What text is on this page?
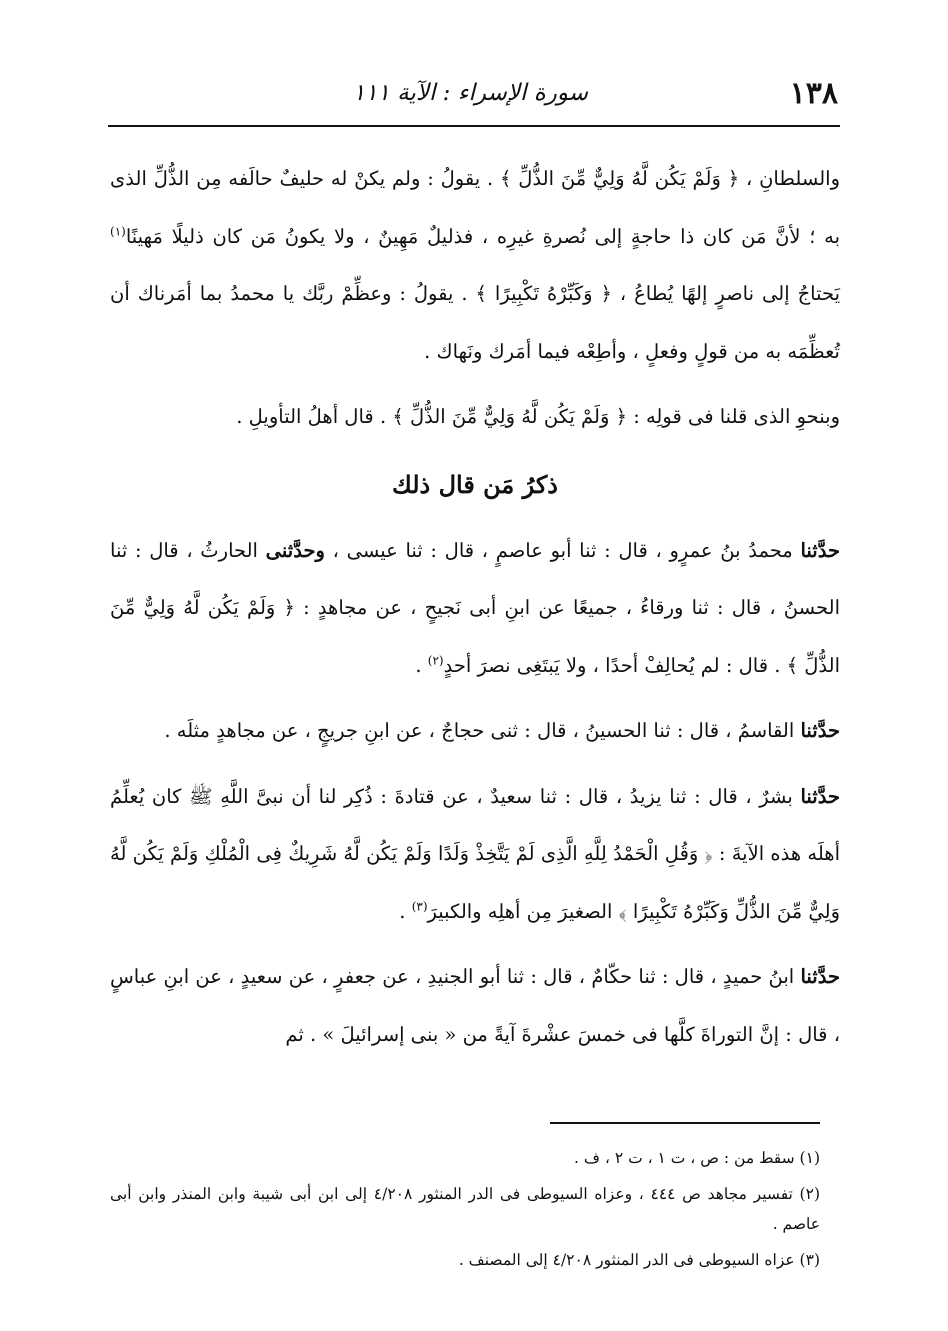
١٣٨
سورة الإسراء : الآية ١١١

والسلطانِ ، ﴿ وَلَمْ يَكُن لَّهُ وَلِيٌّ مِّنَ الذُّلِّ ﴾ . يقولُ : ولم يكنْ له حليفٌ حالَفه مِن الذُّلِّ الذى به ؛ لأنَّ مَن كان ذا حاجةٍ إلى نُصرةِ غيرِه ، فذليلٌ مَهِينٌ ، ولا يكونُ مَن كان ذليلًا مَهينًا$^{(١)}$ يَحتاجُ إلى ناصرٍ إلهًا يُطاعُ ، ﴿ وَكَبِّرْهُ تَكْبِيرًا ﴾ . يقولُ : وعظِّمْ ربَّك يا محمدُ بما أمَرناك أن تُعظِّمَه به من قولٍ وفعلٍ ، وأطِعْه فيما أمَرك ونَهاك .

وبنحوِ الذى قلنا فى قولِه : ﴿ وَلَمْ يَكُن لَّهُ وَلِيٌّ مِّنَ الذُّلِّ ﴾ . قال أهلُ التأويلِ .

ذكرُ مَن قال ذلك

حدَّثنا محمدُ بنُ عمرٍو ، قال : ثنا أبو عاصمٍ ، قال : ثنا عيسى ، وحدَّثنى الحارثُ ، قال : ثنا الحسنُ ، قال : ثنا ورقاءُ ، جميعًا عن ابنِ أبى نَجيحٍ ، عن مجاهدٍ : ﴿ وَلَمْ يَكُن لَّهُ وَلِيٌّ مِّنَ الذُّلِّ ﴾ . قال : لم يُحالِفْ أحدًا ، ولا يَبتَغِى نصرَ أحدٍ$^{(٢)}$ .

حدَّثنا القاسمُ ، قال : ثنا الحسينُ ، قال : ثنى حجاجٌ ، عن ابنِ جريجٍ ، عن مجاهدٍ مثلَه .

حدَّثنا بشرٌ ، قال : ثنا يزيدُ ، قال : ثنا سعيدٌ ، عن قتادةَ : ذُكِر لنا أن نبىَّ اللَّهِ ﷺ كان يُعلِّمُ أهلَه هذه الآيةَ : ﴿ وَقُلِ الْحَمْدُ لِلَّهِ الَّذِى لَمْ يَتَّخِذْ وَلَدًا وَلَمْ يَكُن لَّهُ شَرِيكٌ فِى الْمُلْكِ وَلَمْ يَكُن لَّهُ وَلِيٌّ مِّنَ الذُّلِّ وَكَبِّرْهُ تَكْبِيرًا ﴾ الصغيرَ مِن أهلِه والكبيرَ$^{(٣)}$ .

حدَّثنا ابنُ حميدٍ ، قال : ثنا حكّامٌ ، قال : ثنا أبو الجنيدِ ، عن جعفرٍ ، عن سعيدٍ ، عن ابنِ عباسٍ ، قال : إنَّ التوراةَ كلَّها فى خمسَ عشْرةَ آيةً من « بنى إسرائيلَ » . ثم

(١) سقط من : ص ، ت ١ ، ت ٢ ، ف .

(٢) تفسير مجاهد ص ٤٤٤ ، وعزاه السيوطى فى الدر المنثور ٤/٢٠٨ إلى ابن أبى شيبة وابن المنذر وابن أبى عاصم .

(٣) عزاه السيوطى فى الدر المنثور ٤/٢٠٨ إلى المصنف .
